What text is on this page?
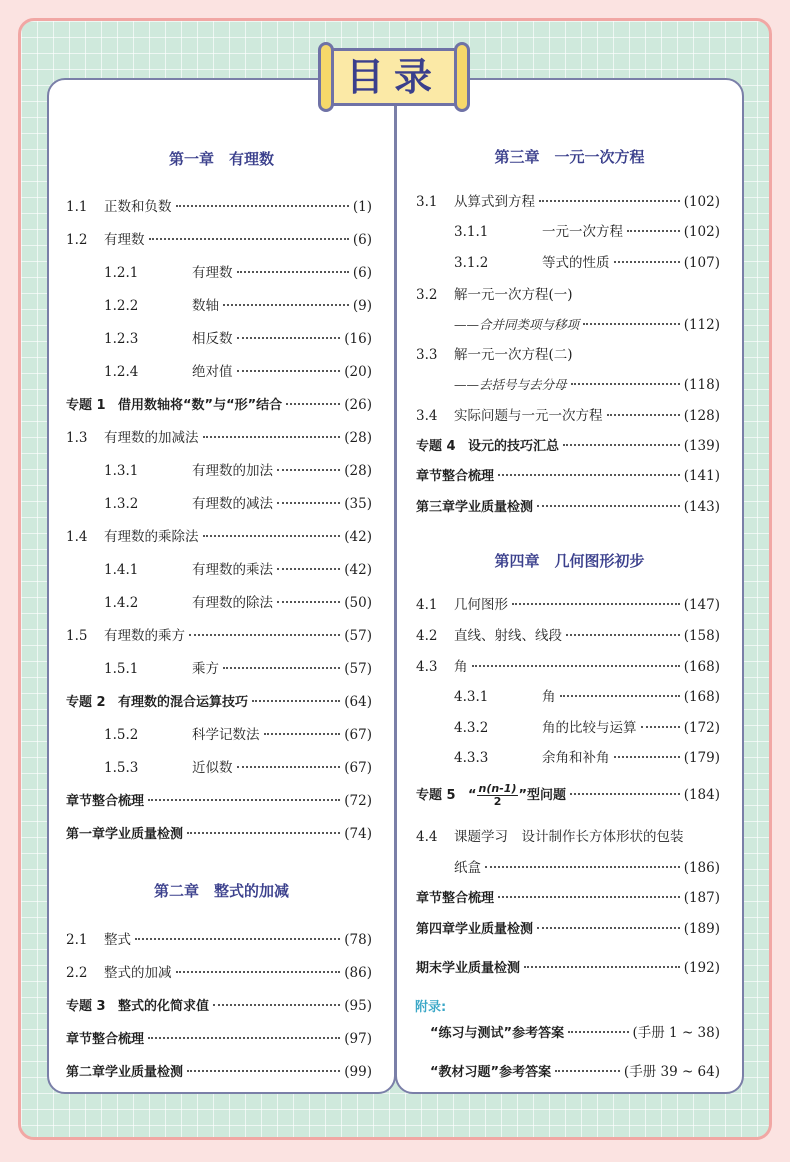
目录
第一章　有理数
1.1	正数和负数	(1)
1.2	有理数	(6)
1.2.1	有理数	(6)
1.2.2	数轴	(9)
1.2.3	相反数	(16)
1.2.4	绝对值	(20)
专题 1 借用数轴将“数”与“形”结合	(26)
1.3	有理数的加减法	(28)
1.3.1	有理数的加法	(28)
1.3.2	有理数的减法	(35)
1.4	有理数的乘除法	(42)
1.4.1	有理数的乘法	(42)
1.4.2	有理数的除法	(50)
1.5	有理数的乘方	(57)
1.5.1	乘方	(57)
专题 2 有理数的混合运算技巧	(64)
1.5.2	科学记数法	(67)
1.5.3	近似数	(67)
章节整合梳理	(72)
第一章学业质量检测	(74)
第二章　整式的加减
2.1	整式	(78)
2.2	整式的加减	(86)
专题 3 整式的化简求值	(95)
章节整合梳理	(97)
第二章学业质量检测	(99)
第三章　一元一次方程
3.1	从算式到方程	(102)
3.1.1	一元一次方程	(102)
3.1.2	等式的性质	(107)
3.2	解一元一次方程(一)
——合并同类项与移项	(112)
3.3	解一元一次方程(二)
——去括号与去分母	(118)
3.4	实际问题与一元一次方程	(128)
专题 4 设元的技巧汇总	(139)
章节整合梳理	(141)
第三章学业质量检测	(143)
第四章　几何图形初步
4.1	几何图形	(147)
4.2	直线、射线、线段	(158)
4.3	角	(168)
4.3.1	角	(168)
4.3.2	角的比较与运算	(172)
4.3.3	余角和补角	(179)
专题 5 “ $\frac{n(n-1)}{2}$ ”型问题	(184)
4.4	课题学习　设计制作长方体形状的包装
纸盒	(186)
章节整合梳理	(187)
第四章学业质量检测	(189)
期末学业质量检测	(192)
附录:
“练习与测试”参考答案	(手册 1 ~ 38)
“教材习题”参考答案	(手册 39 ~ 64)
